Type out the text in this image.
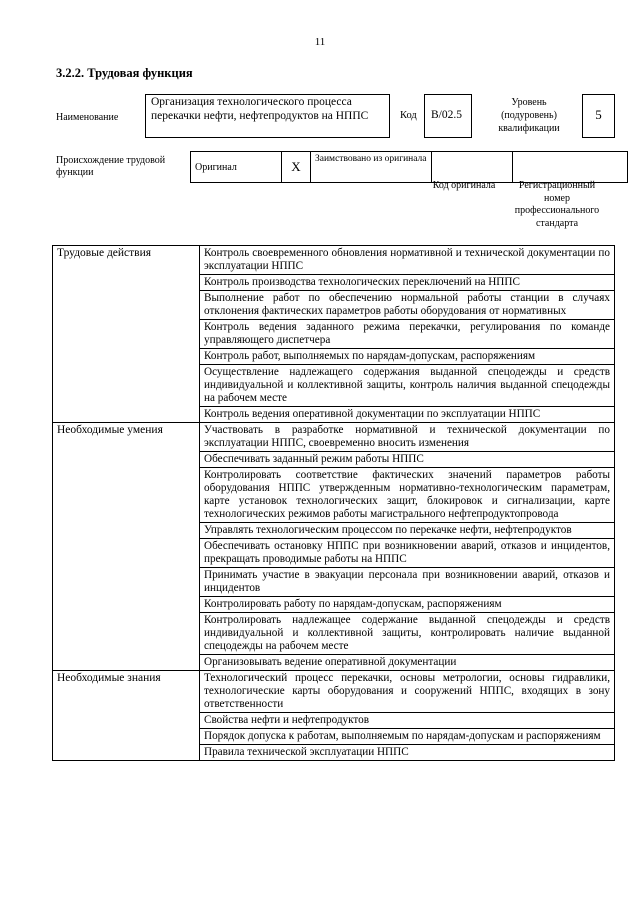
11
3.2.2. Трудовая функция
Наименование
Организация технологического процесса перекачки нефти, нефтепродуктов на НППС	Код	B/02.5
Уровень (подуровень) квалификации
5
Происхождение трудовой функции	Оригинал	X	Заимствовано из оригинала		
Код оригинала	Регистрационный номер профессионального стандарта
Трудовые действия	Контроль своевременного обновления нормативной и технической документации по эксплуатации НППС
	Контроль производства технологических переключений на НППС
	Выполнение работ по обеспечению нормальной работы станции в случаях отклонения фактических параметров работы оборудования от нормативных
	Контроль ведения заданного режима перекачки, регулирования по команде управляющего диспетчера
	Контроль работ, выполняемых по нарядам-допускам, распоряжениям
	Осуществление надлежащего содержания выданной спецодежды и средств индивидуальной и коллективной защиты, контроль наличия выданной спецодежды на рабочем месте
	Контроль ведения оперативной документации по эксплуатации НППС
Необходимые умения	Участвовать в разработке нормативной и технической документации по эксплуатации НППС, своевременно вносить изменения
	Обеспечивать заданный режим работы НППС
	Контролировать соответствие фактических значений параметров работы оборудования НППС утвержденным нормативно-технологическим параметрам, карте установок технологических защит, блокировок и сигнализации, карте технологических режимов работы магистрального нефтепродуктопровода
	Управлять технологическим процессом по перекачке нефти, нефтепродуктов
	Обеспечивать остановку НППС при возникновении аварий, отказов и инцидентов, прекращать проводимые работы на НППС
	Принимать участие в эвакуации персонала при возникновении аварий, отказов и инцидентов
	Контролировать работу по нарядам-допускам, распоряжениям
	Контролировать надлежащее содержание выданной спецодежды и средств индивидуальной и коллективной защиты, контролировать наличие выданной спецодежды на рабочем месте
	Организовывать ведение оперативной документации
Необходимые знания	Технологический процесс перекачки, основы метрологии, основы гидравлики, технологические карты оборудования и сооружений НППС, входящих в зону ответственности
	Свойства нефти и нефтепродуктов
	Порядок допуска к работам, выполняемым по нарядам-допускам и распоряжениям
	Правила технической эксплуатации НППС
